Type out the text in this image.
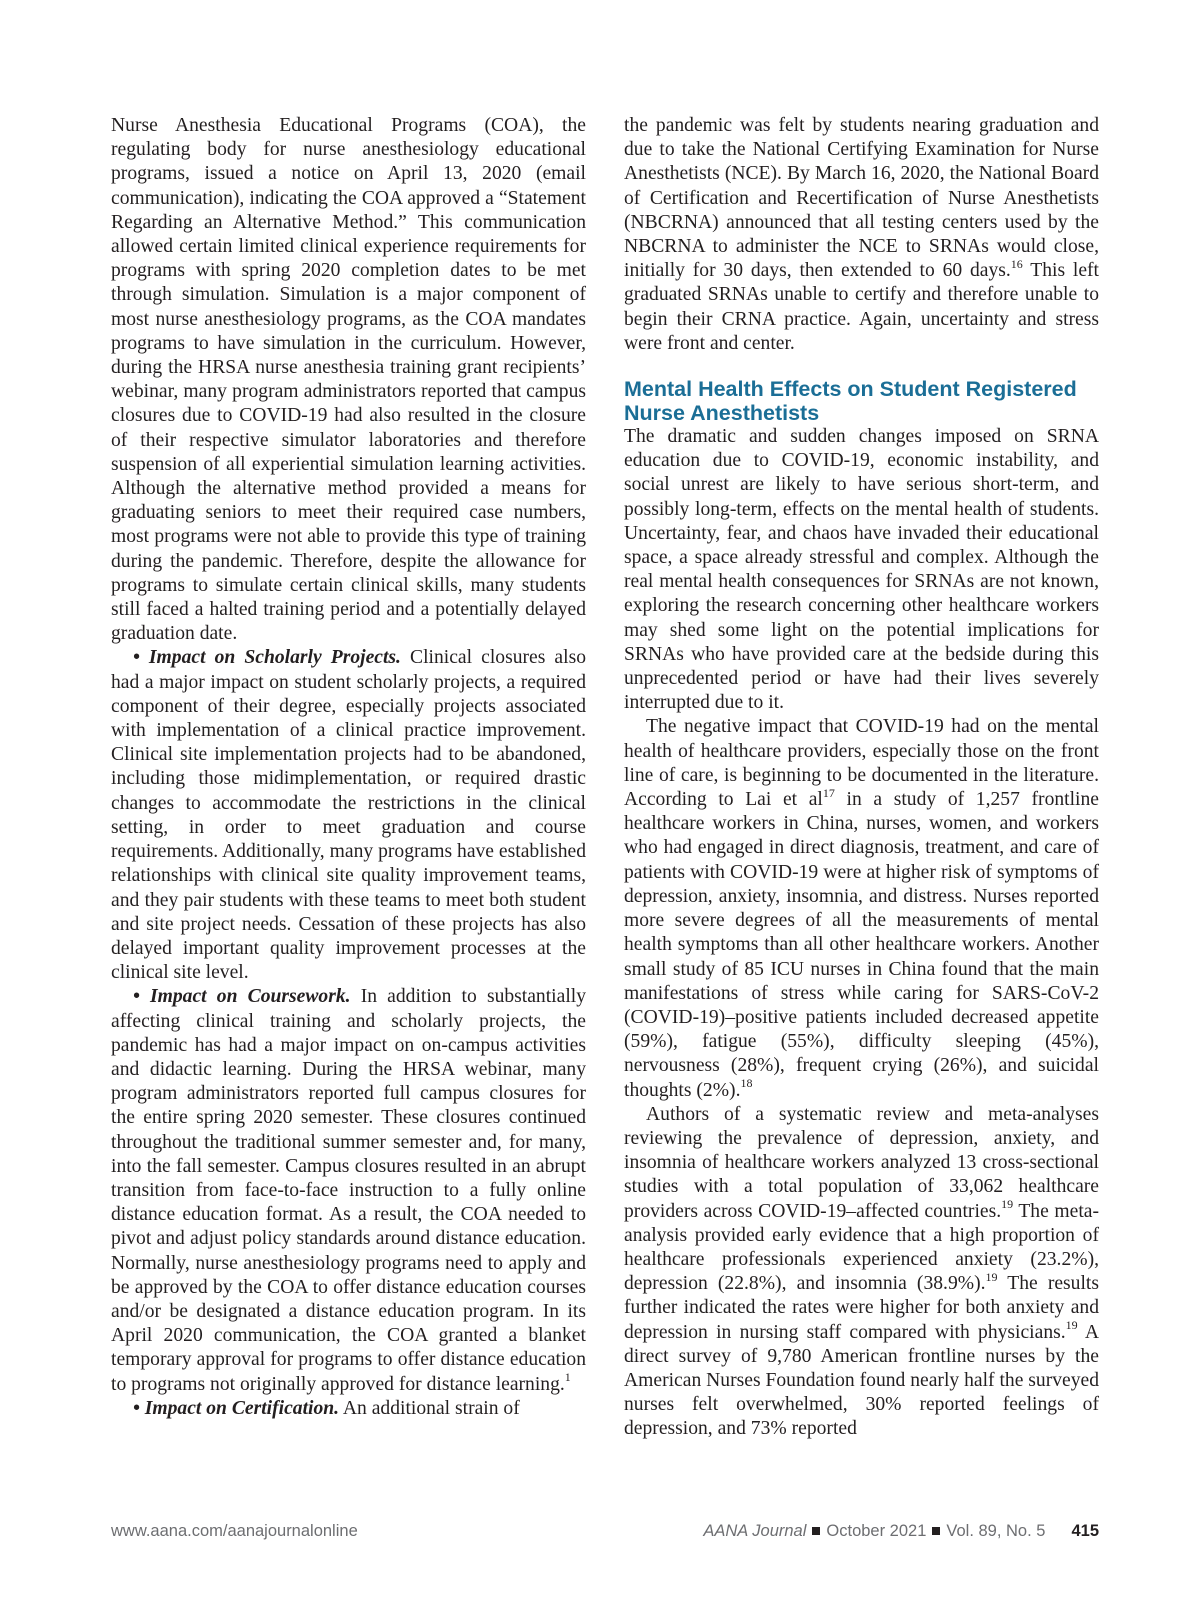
Nurse Anesthesia Educational Programs (COA), the regulating body for nurse anesthesiology educational programs, issued a notice on April 13, 2020 (email communication), indicating the COA approved a “Statement Regarding an Alternative Method.” This communication allowed certain limited clinical experience requirements for programs with spring 2020 completion dates to be met through simulation. Simulation is a major component of most nurse anesthesiology programs, as the COA mandates programs to have simulation in the curriculum. However, during the HRSA nurse anesthesia training grant recipients’ webinar, many program administrators reported that campus closures due to COVID-19 had also resulted in the closure of their respective simulator laboratories and therefore suspension of all experiential simulation learning activities. Although the alternative method provided a means for graduating seniors to meet their required case numbers, most programs were not able to provide this type of training during the pandemic. Therefore, despite the allowance for programs to simulate certain clinical skills, many students still faced a halted training period and a potentially delayed graduation date.

• Impact on Scholarly Projects. Clinical closures also had a major impact on student scholarly projects, a required component of their degree, especially projects associated with implementation of a clinical practice improvement. Clinical site implementation projects had to be abandoned, including those midimplementation, or required drastic changes to accommodate the restrictions in the clinical setting, in order to meet graduation and course requirements. Additionally, many programs have established relationships with clinical site quality improvement teams, and they pair students with these teams to meet both student and site project needs. Cessation of these projects has also delayed important quality improvement processes at the clinical site level.

• Impact on Coursework. In addition to substantially affecting clinical training and scholarly projects, the pandemic has had a major impact on on-campus activities and didactic learning. During the HRSA webinar, many program administrators reported full campus closures for the entire spring 2020 semester. These closures continued throughout the traditional summer semester and, for many, into the fall semester. Campus closures resulted in an abrupt transition from face-to-face instruction to a fully online distance education format. As a result, the COA needed to pivot and adjust policy standards around distance education. Normally, nurse anesthesiology programs need to apply and be approved by the COA to offer distance education courses and/or be designated a distance education program. In its April 2020 communication, the COA granted a blanket temporary approval for programs to offer distance education to programs not originally approved for distance learning.$^1$

• Impact on Certification. An additional strain of

the pandemic was felt by students nearing graduation and due to take the National Certifying Examination for Nurse Anesthetists (NCE). By March 16, 2020, the National Board of Certification and Recertification of Nurse Anesthetists (NBCRNA) announced that all testing centers used by the NBCRNA to administer the NCE to SRNAs would close, initially for 30 days, then extended to 60 days.$^{16}$ This left graduated SRNAs unable to certify and therefore unable to begin their CRNA practice. Again, uncertainty and stress were front and center.

Mental Health Effects on Student Registered Nurse Anesthetists

The dramatic and sudden changes imposed on SRNA education due to COVID-19, economic instability, and social unrest are likely to have serious short-term, and possibly long-term, effects on the mental health of students. Uncertainty, fear, and chaos have invaded their educational space, a space already stressful and complex. Although the real mental health consequences for SRNAs are not known, exploring the research concerning other healthcare workers may shed some light on the potential implications for SRNAs who have provided care at the bedside during this unprecedented period or have had their lives severely interrupted due to it.

The negative impact that COVID-19 had on the mental health of healthcare providers, especially those on the front line of care, is beginning to be documented in the literature. According to Lai et $al^{17}$ in a study of 1,257 frontline healthcare workers in China, nurses, women, and workers who had engaged in direct diagnosis, treatment, and care of patients with COVID-19 were at higher risk of symptoms of depression, anxiety, insomnia, and distress. Nurses reported more severe degrees of all the measurements of mental health symptoms than all other healthcare workers. Another small study of 85 ICU nurses in China found that the main manifestations of stress while caring for SARS-CoV-2 (COVID-19)–positive patients included decreased appetite (59%), fatigue (55%), difficulty sleeping (45%), nervousness (28%), frequent crying (26%), and suicidal thoughts (2%).$^{18}$

Authors of a systematic review and meta-analyses reviewing the prevalence of depression, anxiety, and insomnia of healthcare workers analyzed 13 cross-sectional studies with a total population of 33,062 healthcare providers across COVID-19–affected countries.$^{19}$ The meta-analysis provided early evidence that a high proportion of healthcare professionals experienced anxiety (23.2%), depression (22.8%), and insomnia (38.9%).$^{19}$ The results further indicated the rates were higher for both anxiety and depression in nursing staff compared with physicians.$^{19}$ A direct survey of 9,780 American frontline nurses by the American Nurses Foundation found nearly half the surveyed nurses felt overwhelmed, 30% reported feelings of depression, and 73% reported

www.aana.com/aanajournalonline	AANA Journal October 2021 Vol. 89, No. 5 415
